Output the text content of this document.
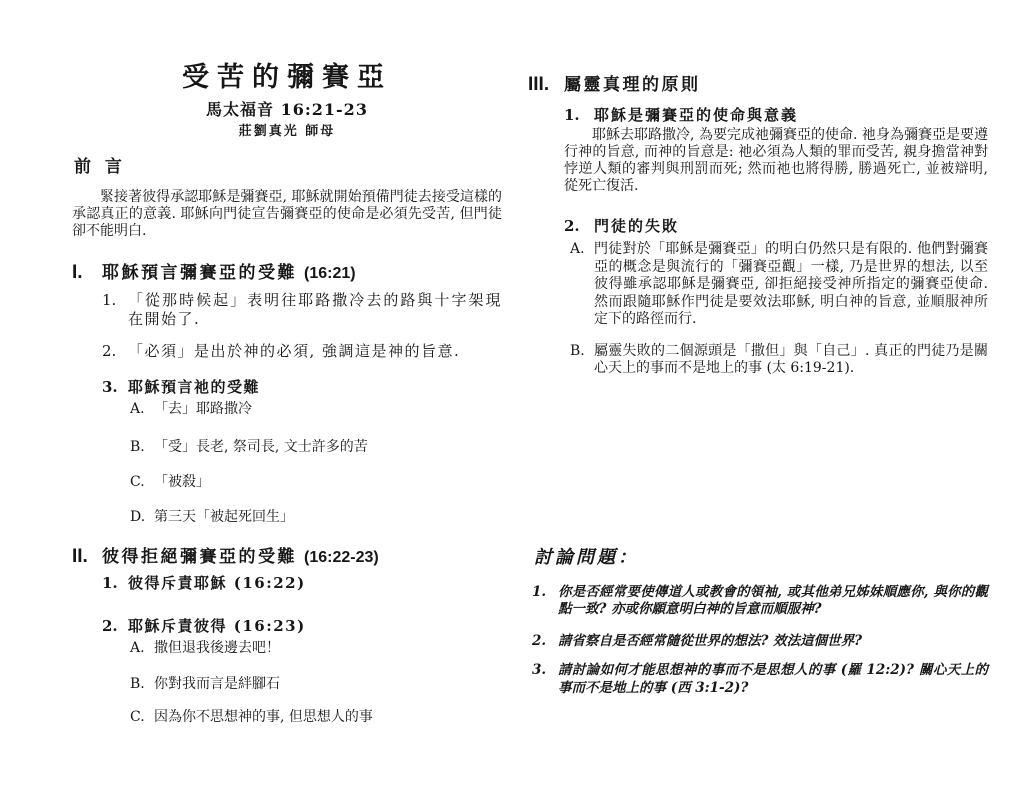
受苦的彌賽亞
馬太福音 16:21-23
莊劉真光 師母
前 言

緊接著彼得承認耶穌是彌賽亞, 耶穌就開始預備門徒去接受這樣的承認真正的意義. 耶穌向門徒宣告彌賽亞的使命是必須先受苦, 但門徒卻不能明白.

I.	耶穌預言彌賽亞的受難 (16:21)
1. 「從那時候起」表明往耶路撒冷去的路與十字架現在開始了.
2. 「必須」是出於神的必須, 強調這是神的旨意.
3. 耶穌預言祂的受難
A. 「去」耶路撒冷
B. 「受」長老, 祭司長, 文士許多的苦
C. 「被殺」
D. 第三天「被起死回生」
II. 彼得拒絕彌賽亞的受難 (16:22-23)
1. 彼得斥責耶穌 (16:22)
2. 耶穌斥責彼得 (16:23)
A. 撒但退我後邊去吧！
B. 你對我而言是絆腳石
C. 因為你不思想神的事, 但思想人的事
III. 屬靈真理的原則
1. 耶穌是彌賽亞的使命與意義

耶穌去耶路撒冷, 為要完成祂彌賽亞的使命. 祂身為彌賽亞是要遵行神的旨意, 而神的旨意是: 祂必須為人類的罪而受苦, 親身擔當神對悖逆人類的審判與刑罰而死; 然而祂也將得勝, 勝過死亡, 並被辯明, 從死亡復活.

2. 門徒的失敗
A. 門徒對於「耶穌是彌賽亞」的明白仍然只是有限的. 他們對彌賽亞的概念是與流行的「彌賽亞觀」一樣, 乃是世界的想法, 以至彼得雖承認耶穌是彌賽亞, 卻拒絕接受神所指定的彌賽亞使命. 然而跟隨耶穌作門徒是要效法耶穌, 明白神的旨意, 並順服神所定下的路徑而行.
B. 屬靈失敗的二個源頭是「撒但」與「自己」. 真正的門徒乃是關心天上的事而不是地上的事 (太 6:19-21).
討論問題：
1. 你是否經常要使傳道人或教會的領袖, 或其他弟兄姊妹順應你, 與你的觀點一致? 亦或你願意明白神的旨意而順服神?
2. 請省察自是否經常隨從世界的想法? 效法這個世界?
3. 請討論如何才能思想神的事而不是思想人的事 (羅 12:2)? 關心天上的事而不是地上的事 (西 3:1-2)?
